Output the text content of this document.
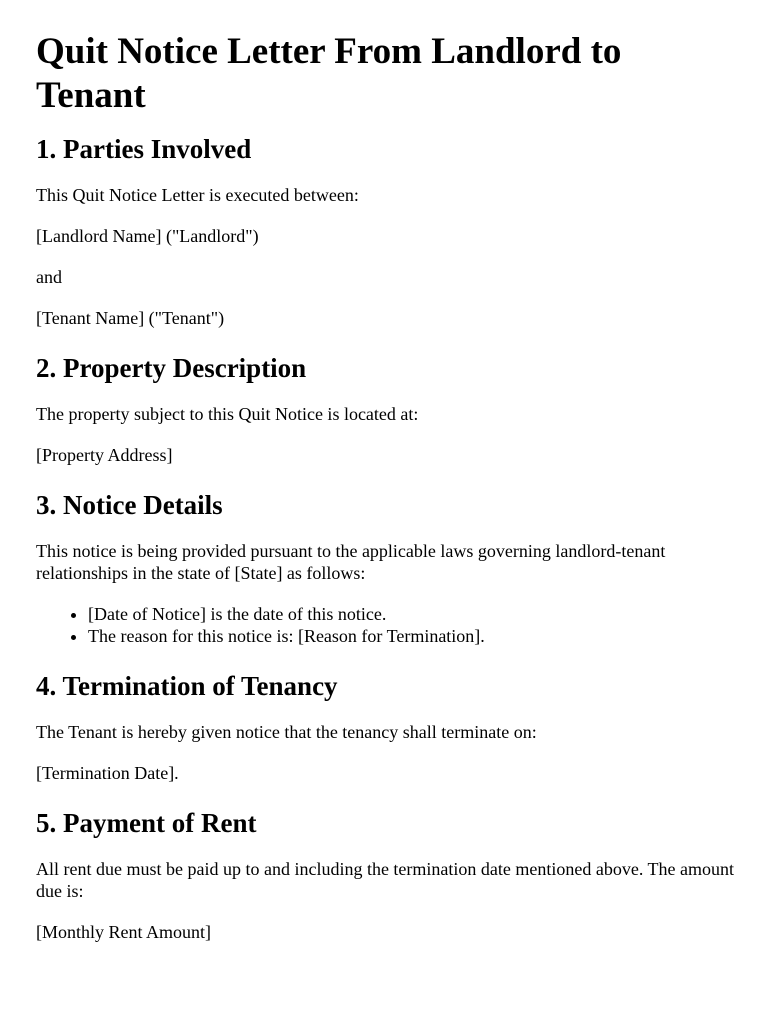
Quit Notice Letter From Landlord to Tenant
1. Parties Involved

This Quit Notice Letter is executed between:

[Landlord Name] ("Landlord")

and

[Tenant Name] ("Tenant")

2. Property Description

The property subject to this Quit Notice is located at:

[Property Address]

3. Notice Details

This notice is being provided pursuant to the applicable laws governing landlord-tenant relationships in the state of [State] as follows:

• [Date of Notice] is the date of this notice.
• The reason for this notice is: [Reason for Termination].
4. Termination of Tenancy

The Tenant is hereby given notice that the tenancy shall terminate on:

[Termination Date].

5. Payment of Rent

All rent due must be paid up to and including the termination date mentioned above. The amount due is:

[Monthly Rent Amount]
